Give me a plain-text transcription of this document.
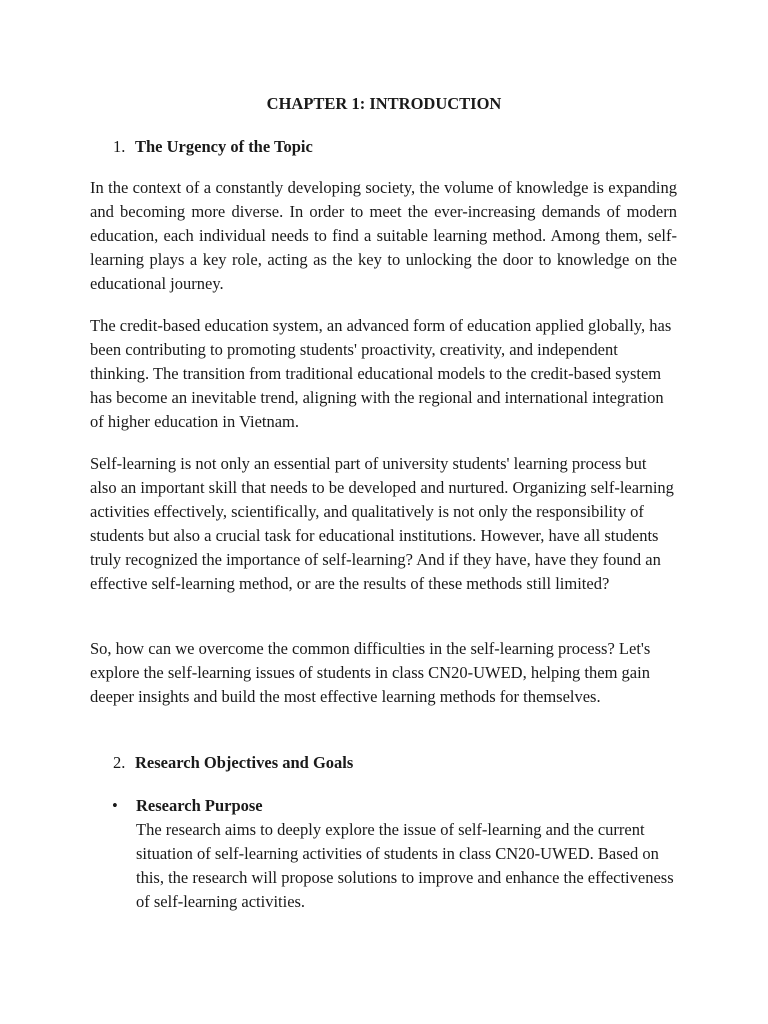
CHAPTER 1: INTRODUCTION
1. The Urgency of the Topic

In the context of a constantly developing society, the volume of knowledge is expanding and becoming more diverse. In order to meet the ever-increasing demands of modern education, each individual needs to find a suitable learning method. Among them, self-learning plays a key role, acting as the key to unlocking the door to knowledge on the educational journey.

The credit-based education system, an advanced form of education applied globally, has been contributing to promoting students' proactivity, creativity, and independent thinking. The transition from traditional educational models to the credit-based system has become an inevitable trend, aligning with the regional and international integration of higher education in Vietnam.

Self-learning is not only an essential part of university students' learning process but also an important skill that needs to be developed and nurtured. Organizing self-learning activities effectively, scientifically, and qualitatively is not only the responsibility of students but also a crucial task for educational institutions. However, have all students truly recognized the importance of self-learning? And if they have, have they found an effective self-learning method, or are the results of these methods still limited?

So, how can we overcome the common difficulties in the self-learning process? Let's explore the self-learning issues of students in class CN20-UWED, helping them gain deeper insights and build the most effective learning methods for themselves.

2. Research Objectives and Goals
• Research Purpose
The research aims to deeply explore the issue of self-learning and the current situation of self-learning activities of students in class CN20-UWED. Based on this, the research will propose solutions to improve and enhance the effectiveness of self-learning activities.
